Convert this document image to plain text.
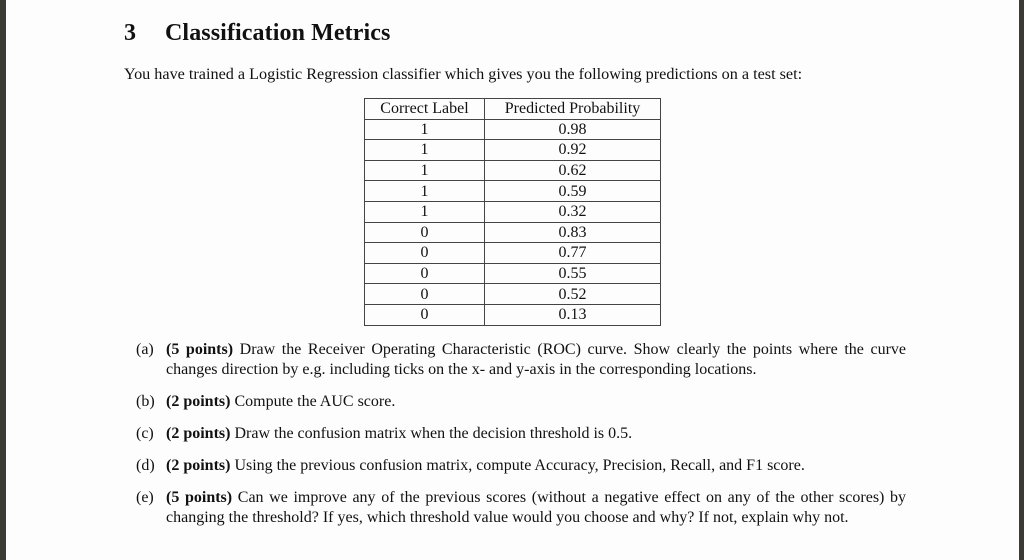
3 Classification Metrics
You have trained a Logistic Regression classifier which gives you the following predictions on a test set:
Correct Label	Predicted Probability
1	0.98
1	0.92
1	0.62
1	0.59
1	0.32
0	0.83
0	0.77
0	0.55
0	0.52
0	0.13
(a) (5 points) Draw the Receiver Operating Characteristic (ROC) curve. Show clearly the points where the curve changes direction by e.g. including ticks on the x- and y-axis in the corresponding locations.
(b) (2 points) Compute the AUC score.
(c) (2 points) Draw the confusion matrix when the decision threshold is 0.5.
(d) (2 points) Using the previous confusion matrix, compute Accuracy, Precision, Recall, and F1 score.
(e) (5 points) Can we improve any of the previous scores (without a negative effect on any of the other scores) by changing the threshold? If yes, which threshold value would you choose and why? If not, explain why not.
